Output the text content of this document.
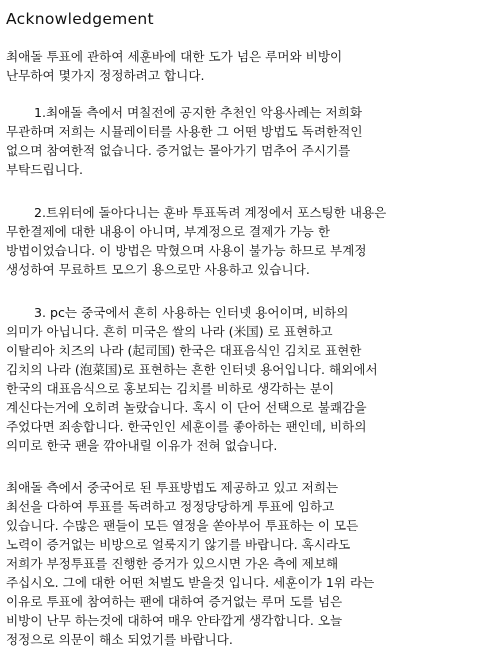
Acknowledgement
최애돌 투표에 관하여 세훈바에 대한 도가 넘은 루머와 비방이
난무하여 몇가지 정정하려고 합니다.
1.최애돌 측에서 며칠전에 공지한 추천인 악용사례는 저희화
무관하며 저희는 시뮬레이터를 사용한 그 어떤 방법도 독려한적인
없으며 참여한적 없습니다. 증거없는 몰아가기 멈추어 주시기를
부탁드립니다.
2.트위터에 돌아다니는 훈바 투표독려 계정에서 포스팅한 내용은
무한결제에 대한 내용이 아니며, 부계정으로 결제가 가능 한
방법이었습니다. 이 방법은 막혔으며 사용이 불가능 하므로 부계정
생성하여 무료하트 모으기 용으로만 사용하고 있습니다.
3. pc는 중국에서 흔히 사용하는 인터넷 용어이며, 비하의
의미가 아닙니다. 흔히 미국은 쌀의 나라 (米国) 로 표현하고
이탈리아 치즈의 나라 (起司国) 한국은 대표음식인 김치로 표현한
김치의 나라 (泡菜国)로 표현하는 흔한 인터넷 용어입니다. 해외에서
한국의 대표음식으로 홍보되는 김치를 비하로 생각하는 분이
계신다는거에 오히려 놀랐습니다. 혹시 이 단어 선택으로 불쾌감을
주었다면 죄송합니다. 한국인인 세훈이를 좋아하는 팬인데, 비하의
의미로 한국 팬을 깎아내릴 이유가 전혀 없습니다.
최애돌 측에서 중국어로 된 투표방법도 제공하고 있고 저희는
최선을 다하여 투표를 독려하고 정정당당하게 투표에 임하고
있습니다. 수많은 팬들이 모든 열정을 쏟아부어 투표하는 이 모든
노력이 증거없는 비방으로 얼룩지기 않기를 바랍니다. 혹시라도
저희가 부정투표를 진행한 증거가 있으시면 가온 측에 제보해
주십시오. 그에 대한 어떤 처벌도 받을것 입니다. 세훈이가 1위 라는
이유로 투표에 참여하는 팬에 대하여 증거없는 루머 도를 넘은
비방이 난무 하는것에 대하여 매우 안타깝게 생각합니다. 오늘
정정으로 의문이 해소 되었기를 바랍니다.
